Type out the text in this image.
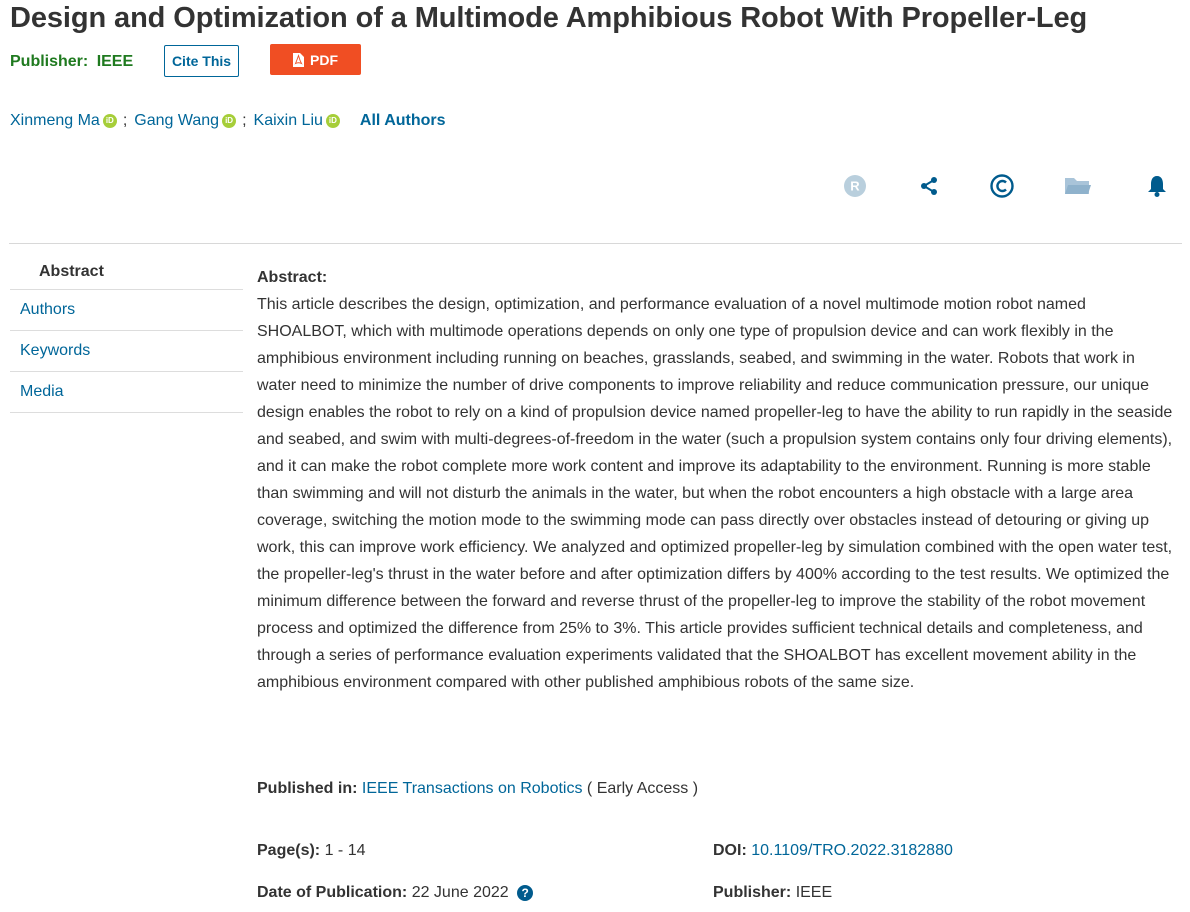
Design and Optimization of a Multimode Amphibious Robot With Propeller-Leg
Publisher: IEEE	Cite This	PDF
Xinmeng Ma iD ; Gang Wang iD ; Kaixin Liu iD All Authors
R
Abstract
Authors
Keywords
Media
Abstract:
This article describes the design, optimization, and performance evaluation of a novel multimode motion robot named SHOALBOT, which with multimode operations depends on only one type of propulsion device and can work flexibly in the amphibious environment including running on beaches, grasslands, seabed, and swimming in the water. Robots that work in water need to minimize the number of drive components to improve reliability and reduce communication pressure, our unique design enables the robot to rely on a kind of propulsion device named propeller-leg to have the ability to run rapidly in the seaside and seabed, and swim with multi-degrees-of-freedom in the water (such a propulsion system contains only four driving elements), and it can make the robot complete more work content and improve its adaptability to the environment. Running is more stable than swimming and will not disturb the animals in the water, but when the robot encounters a high obstacle with a large area coverage, switching the motion mode to the swimming mode can pass directly over obstacles instead of detouring or giving up work, this can improve work efficiency. We analyzed and optimized propeller-leg by simulation combined with the open water test, the propeller-leg's thrust in the water before and after optimization differs by 400% according to the test results. We optimized the minimum difference between the forward and reverse thrust of the propeller-leg to improve the stability of the robot movement process and optimized the difference from 25% to 3%. This article provides sufficient technical details and completeness, and through a series of performance evaluation experiments validated that the SHOALBOT has excellent movement ability in the amphibious environment compared with other published amphibious robots of the same size.
Published in: IEEE Transactions on Robotics ( Early Access )
Page(s): 1 - 14	DOI: 10.1109/TRO.2022.3182880
Date of Publication: 22 June 2022 ?	Publisher: IEEE
